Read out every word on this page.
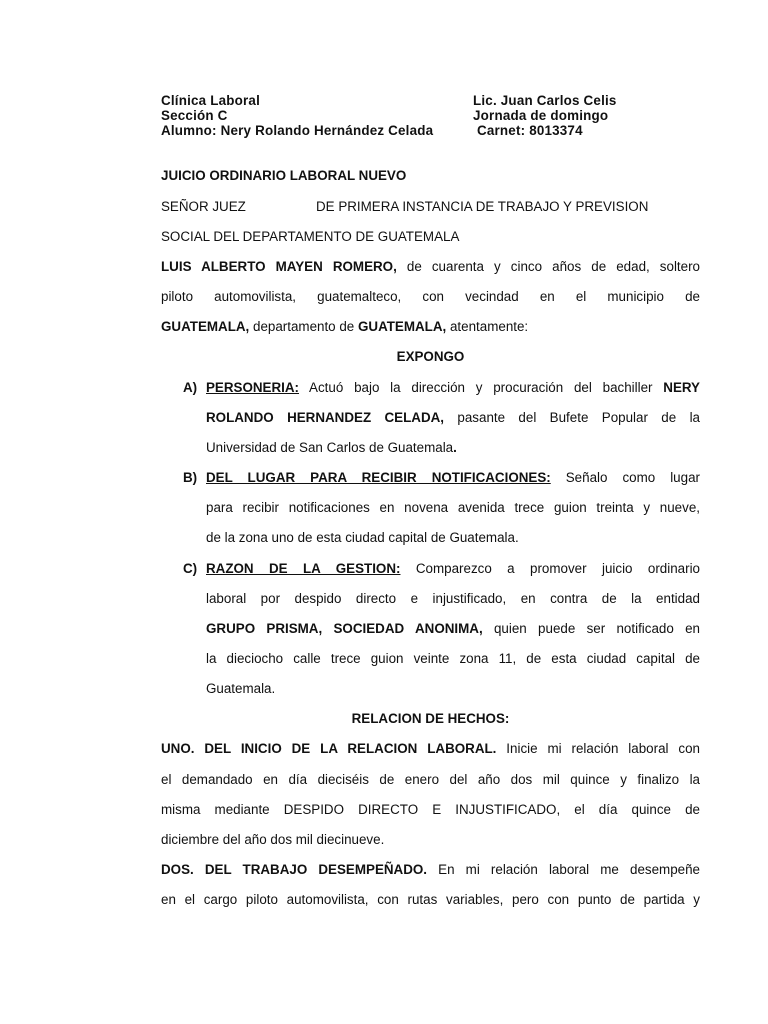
Clínica Laboral	Lic. Juan Carlos Celis
Sección C	Jornada de domingo
Alumno: Nery Rolando Hernández Celada	Carnet: 8013374
JUICIO ORDINARIO LABORAL NUEVO
SEÑOR JUEZ	DE PRIMERA INSTANCIA DE TRABAJO Y PREVISION
SOCIAL DEL DEPARTAMENTO DE GUATEMALA
LUIS ALBERTO MAYEN ROMERO, de cuarenta y cinco años de edad, soltero
piloto automovilista, guatemalteco, con vecindad en el municipio de
GUATEMALA, departamento de GUATEMALA, atentamente:
EXPONGO
A) PERSONERIA: Actuó bajo la dirección y procuración del bachiller NERY
ROLANDO HERNANDEZ CELADA, pasante del Bufete Popular de la
Universidad de San Carlos de Guatemala.
B) DEL LUGAR PARA RECIBIR NOTIFICACIONES: Señalo como lugar
para recibir notificaciones en novena avenida trece guion treinta y nueve,
de la zona uno de esta ciudad capital de Guatemala.
C) RAZON DE LA GESTION: Comparezco a promover juicio ordinario
laboral por despido directo e injustificado, en contra de la entidad
GRUPO PRISMA, SOCIEDAD ANONIMA, quien puede ser notificado en
la dieciocho calle trece guion veinte zona 11, de esta ciudad capital de
Guatemala.
RELACION DE HECHOS:
UNO. DEL INICIO DE LA RELACION LABORAL. Inicie mi relación laboral con
el demandado en día dieciséis de enero del año dos mil quince y finalizo la
misma mediante DESPIDO DIRECTO E INJUSTIFICADO, el día quince de
diciembre del año dos mil diecinueve.
DOS. DEL TRABAJO DESEMPEÑADO. En mi relación laboral me desempeñe
en el cargo piloto automovilista, con rutas variables, pero con punto de partida y
